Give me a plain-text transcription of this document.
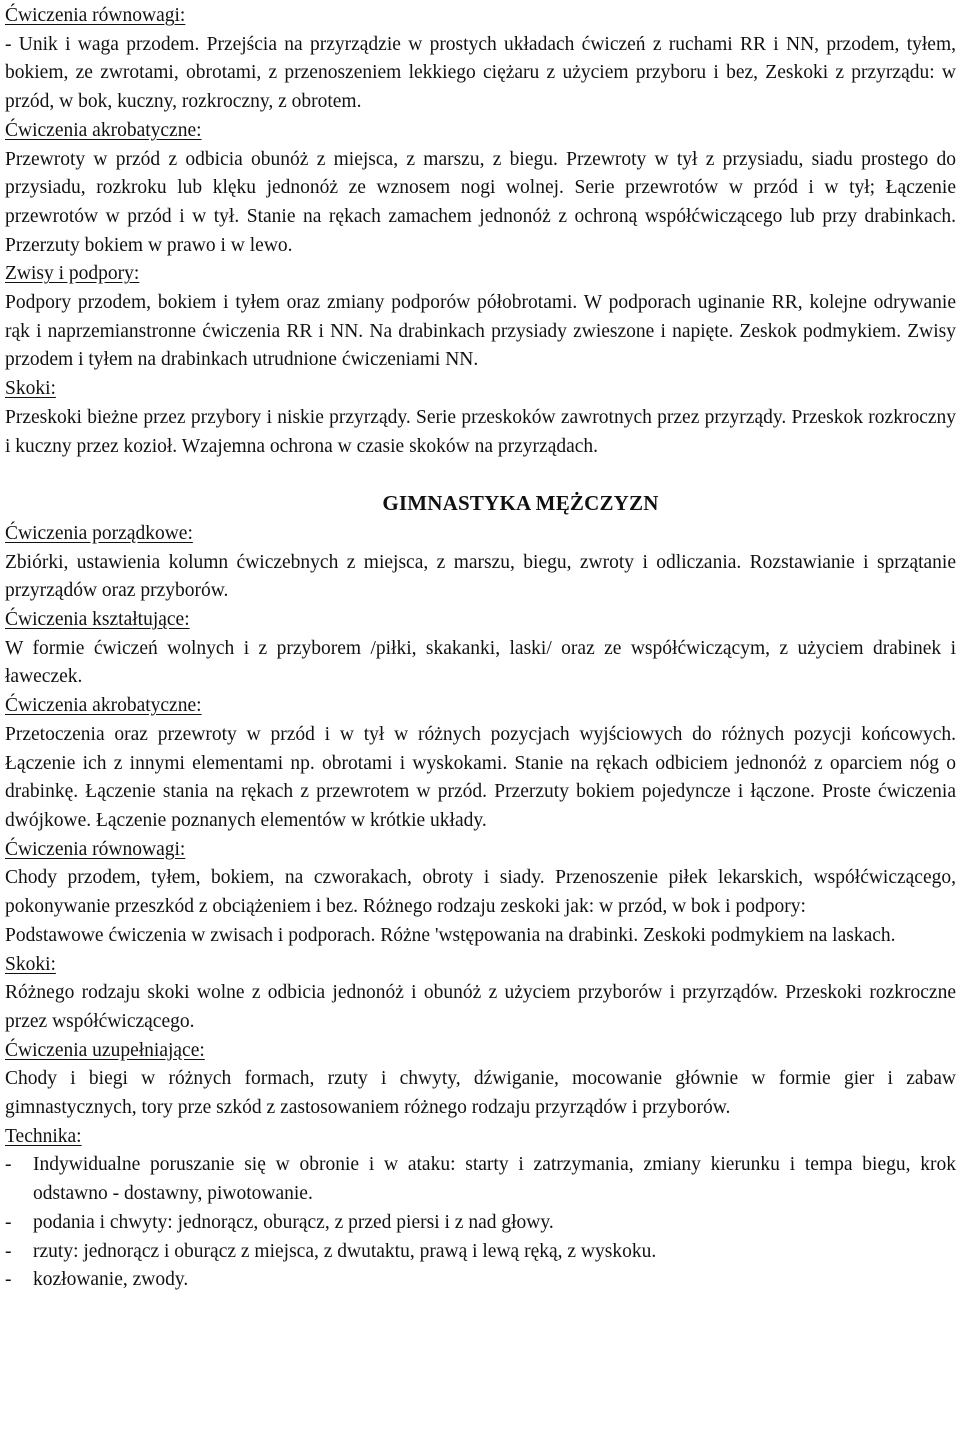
Ćwiczenia równowagi:

- Unik i waga przodem. Przejścia na przyrządzie w prostych układach ćwiczeń z ruchami RR i NN, przodem, tyłem, bokiem, ze zwrotami, obrotami, z przenoszeniem lekkiego ciężaru z użyciem przyboru i bez, Zeskoki z przyrządu: w przód, w bok, kuczny, rozkroczny, z obrotem.

Ćwiczenia akrobatyczne:

Przewroty w przód z odbicia obunóż z miejsca, z marszu, z biegu. Przewroty w tył z przysiadu, siadu prostego do przysiadu, rozkroku lub klęku jednonóż ze wznosem nogi wolnej. Serie przewrotów w przód i w tył; Łączenie przewrotów w przód i w tył. Stanie na rękach zamachem jednonóż z ochroną współćwiczącego lub przy drabinkach. Przerzuty bokiem w prawo i w lewo.

Zwisy i podpory:

Podpory przodem, bokiem i tyłem oraz zmiany podporów półobrotami. W podporach uginanie RR, kolejne odrywanie rąk i naprzemianstronne ćwiczenia RR i NN. Na drabinkach przysiady zwieszone i napięte. Zeskok podmykiem. Zwisy przodem i tyłem na drabinkach utrudnione ćwiczeniami NN.

Skoki:

Przeskoki bieżne przez przybory i niskie przyrządy. Serie przeskoków zawrotnych przez przyrządy. Przeskok rozkroczny i kuczny przez kozioł. Wzajemna ochrona w czasie skoków na przyrządach.

GIMNASTYKA MĘŻCZYZN
Ćwiczenia porządkowe:

Zbiórki, ustawienia kolumn ćwiczebnych z miejsca, z marszu, biegu, zwroty i odliczania. Rozstawianie i sprzątanie przyrządów oraz przyborów.

Ćwiczenia kształtujące:

W formie ćwiczeń wolnych i z przyborem /piłki, skakanki, laski/ oraz ze współćwiczącym, z użyciem drabinek i ławeczek.

Ćwiczenia akrobatyczne:

Przetoczenia oraz przewroty w przód i w tył w różnych pozycjach wyjściowych do różnych pozycji końcowych. Łączenie ich z innymi elementami np. obrotami i wyskokami. Stanie na rękach odbiciem jednonóż z oparciem nóg o drabinkę. Łączenie stania na rękach z przewrotem w przód. Przerzuty bokiem pojedyncze i łączone. Proste ćwiczenia dwójkowe. Łączenie poznanych elementów w krótkie układy.

Ćwiczenia równowagi:

Chody przodem, tyłem, bokiem, na czworakach, obroty i siady. Przenoszenie piłek lekarskich, współćwiczącego, pokonywanie przeszkód z obciążeniem i bez. Różnego rodzaju zeskoki jak: w przód, w bok i podpory:

Podstawowe ćwiczenia w zwisach i podporach. Różne 'wstępowania na drabinki. Zeskoki podmykiem na laskach.

Skoki:

Różnego rodzaju skoki wolne z odbicia jednonóż i obunóż z użyciem przyborów i przyrządów. Przeskoki rozkroczne przez współćwiczącego.

Ćwiczenia uzupełniające:

Chody i biegi w różnych formach, rzuty i chwyty, dźwiganie, mocowanie głównie w formie gier i zabaw gimnastycznych, tory prze szkód z zastosowaniem różnego rodzaju przyrządów i przyborów.

Technika:
- Indywidualne poruszanie się w obronie i w ataku: starty i zatrzymania, zmiany kierunku i tempa biegu, krok odstawno - dostawny, piwotowanie.
- podania i chwyty: jednorącz, oburącz, z przed piersi i z nad głowy.
- rzuty: jednorącz i oburącz z miejsca, z dwutaktu, prawą i lewą ręką, z wyskoku.
- kozłowanie, zwody.
